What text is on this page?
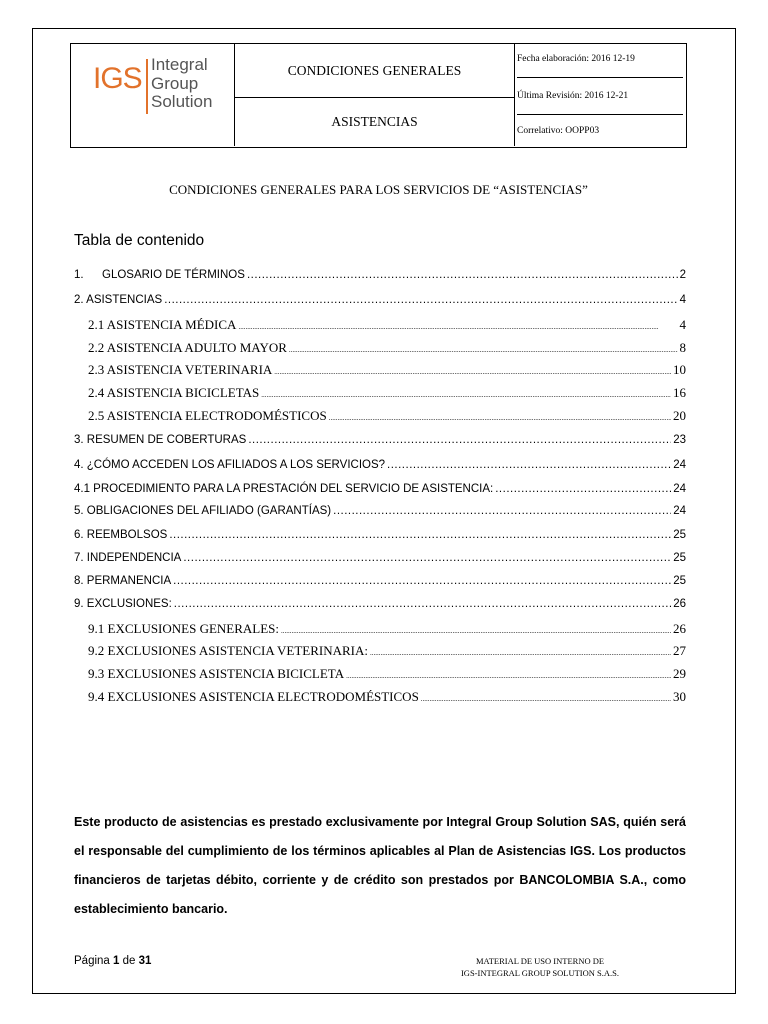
IGS Integral
Group
Solution
CONDICIONES GENERALES
ASISTENCIAS
Fecha elaboración: 2016 12-19
Última Revisión: 2016 12-21
Correlativo: OOPP03
CONDICIONES GENERALES PARA LOS SERVICIOS DE “ASISTENCIAS”
Tabla de contenido
1.	GLOSARIO DE TÉRMINOS .....	2
2. ASISTENCIAS .....	4
2.1 ASISTENCIA MÉDICA .....	4
2.2 ASISTENCIA ADULTO MAYOR .....	8
2.3 ASISTENCIA VETERINARIA .....	10
2.4 ASISTENCIA BICICLETAS .....	16
2.5 ASISTENCIA ELECTRODOMÉSTICOS .....	20
3. RESUMEN DE COBERTURAS .....	23
4. ¿CÓMO ACCEDEN LOS AFILIADOS A LOS SERVICIOS? .....	24
4.1 PROCEDIMIENTO PARA LA PRESTACIÓN DEL SERVICIO DE ASISTENCIA: .....	24
5. OBLIGACIONES DEL AFILIADO (GARANTÍAS) .....	24
6. REEMBOLSOS .....	25
7. INDEPENDENCIA .....	25
8. PERMANENCIA .....	25
9. EXCLUSIONES: .....	26
9.1 EXCLUSIONES GENERALES: .....	26
9.2 EXCLUSIONES ASISTENCIA VETERINARIA: .....	27
9.3 EXCLUSIONES ASISTENCIA BICICLETA .....	29
9.4 EXCLUSIONES ASISTENCIA ELECTRODOMÉSTICOS .....	30
Este producto de asistencias es prestado exclusivamente por Integral Group Solution SAS, quién será el responsable del cumplimiento de los términos aplicables al Plan de Asistencias IGS. Los productos financieros de tarjetas débito, corriente y de crédito son prestados por BANCOLOMBIA S.A., como establecimiento bancario.
Página 1 de 31	MATERIAL DE USO INTERNO DE
IGS-INTEGRAL GROUP SOLUTION S.A.S.
